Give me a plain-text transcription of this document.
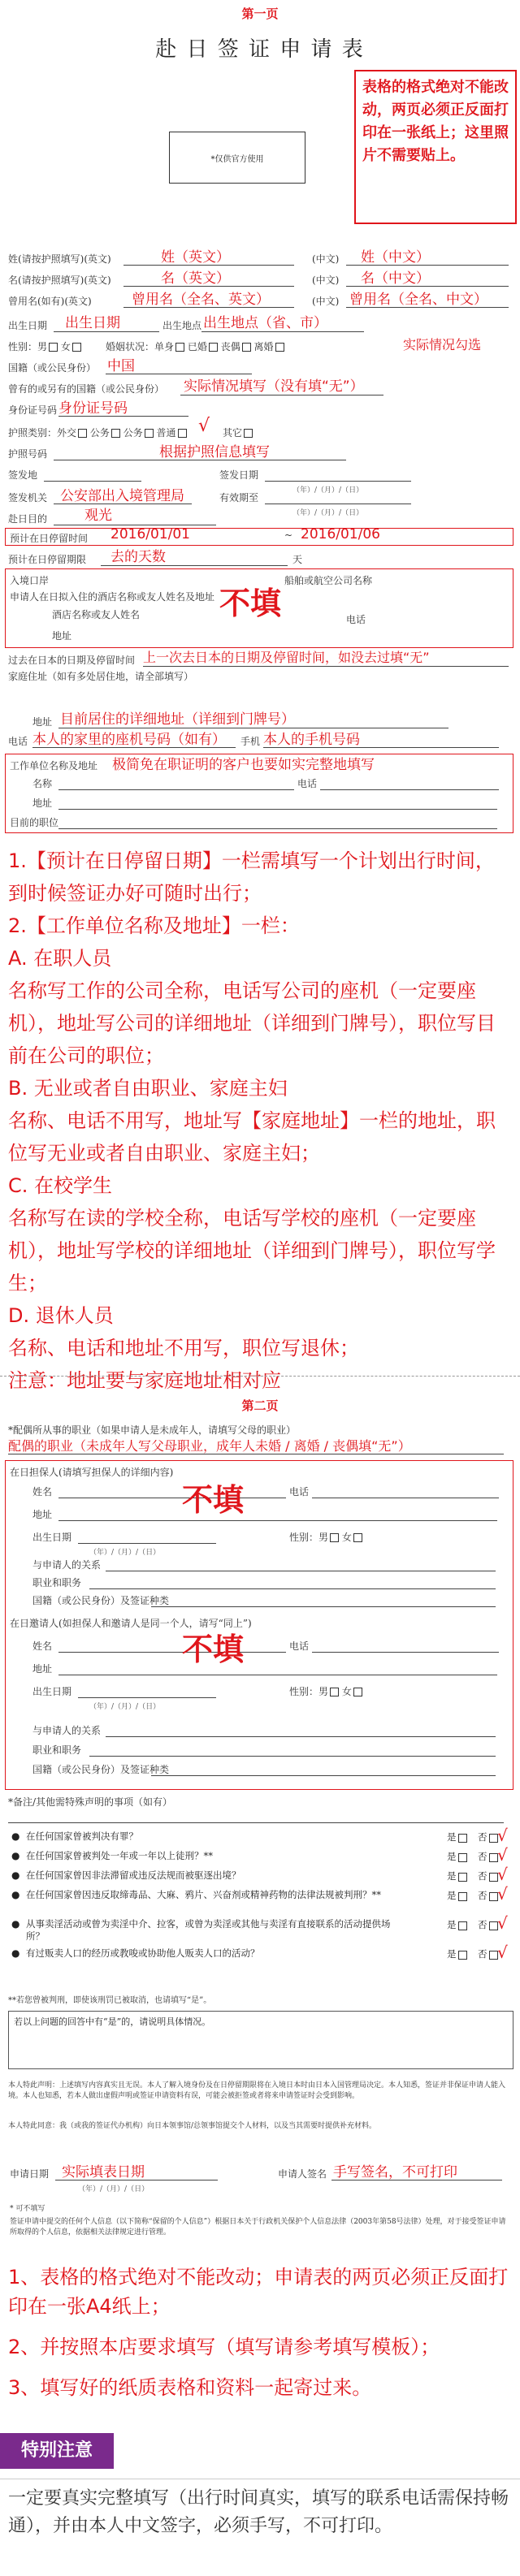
第一页
赴 日 签 证 申 请 表
*仅供官方使用
表格的格式绝对不能改动，两页必须正反面打印在一张纸上；这里照片不需要贴上。
姓(请按护照填写)(英文)	姓（英文）	(中文) 姓（中文）
名(请按护照填写)(英文)	名（英文）	(中文) 名（中文）
曾用名(如有)(英文)	曾用名（全名、英文）	(中文) 曾用名（全名、中文）
出生日期 出生日期	出生地点 出生地点（省、市）
性别：男 女	婚姻状况：单身 已婚 丧偶 离婚	实际情况勾选
国籍（或公民身份） 中国
曾有的或另有的国籍（或公民身份） 实际情况填写（没有填“无”）
身份证号码 身份证号码
护照类别：外交 公务 公务 普通	√ 其它
护照号码	根据护照信息填写
签发地	签发日期
（年）/（月）/（日）
签发机关 公安部出入境管理局	有效期至
（年）/（月）/（日）
赴日目的	观光
预计在日停留时间 2016/01/01	~ 2016/01/06
预计在日停留期限 去的天数	天
入境口岸	船舶或航空公司名称
申请人在日拟入住的酒店名称或友人姓名及地址
酒店名称或友人姓名	电话
地址
不填
过去在日本的日期及停留时间 上一次去日本的日期及停留时间，如没去过填“无”
家庭住址（如有多处居住地，请全部填写）
地址 目前居住的详细地址（详细到门牌号）
电话 本人的家里的座机号码（如有） 手机 本人的手机号码
工作单位名称及地址 极简免在职证明的客户也要如实完整地填写
名称	电话
地址
目前的职位
1.【预计在日停留日期】一栏需填写一个计划出行时间，到时候签证办好可随时出行；
2.【工作单位名称及地址】一栏：
A. 在职人员
名称写工作的公司全称，电话写公司的座机（一定要座机），地址写公司的详细地址（详细到门牌号），职位写目前在公司的职位；
B. 无业或者自由职业、家庭主妇
名称、电话不用写，地址写【家庭地址】一栏的地址，职位写无业或者自由职业、家庭主妇；
C. 在校学生
名称写在读的学校全称，电话写学校的座机（一定要座机），地址写学校的详细地址（详细到门牌号），职位写学生；
D. 退休人员
名称、电话和地址不用写，职位写退休；
注意：地址要与家庭地址相对应
第二页
*配偶所从事的职业（如果申请人是未成年人，请填写父母的职业）
配偶的职业（未成年人写父母职业，成年人未婚 / 离婚 / 丧偶填“无”）
在日担保人(请填写担保人的详细内容)
姓名	电话
地址
出生日期
（年）/（月）/（日）
性别：男 女
与申请人的关系
职业和职务
国籍（或公民身份）及签证种类
不填
在日邀请人(如担保人和邀请人是同一个人，请写“同上”)
姓名	电话
地址
出生日期
（年）/（月）/（日）
性别：男 女
与申请人的关系
职业和职务
国籍（或公民身份）及签证种类
不填
*备注/其他需特殊声明的事项（如有）
● 在任何国家曾被判决有罪？	是	否 √
● 在任何国家曾被判处一年或一年以上徒刑？**	是	否 √
● 在任何国家曾因非法滞留或违反法规而被驱逐出境？	是	否 √
● 在任何国家曾因违反取缔毒品、大麻、鸦片、兴奋剂或精神药物的法律法规被判刑？**	是	否 √
● 从事卖淫活动或曾为卖淫中介、拉客，或曾为卖淫或其他与卖淫有直接联系的活动提供场所？
是	否 √
● 有过贩卖人口的经历或教唆或协助他人贩卖人口的活动？	是	否 √
**若您曾被判刑，即使该刑罚已被取消，也请填写“是”。
若以上问题的回答中有“是”的，请说明具体情况。
本人特此声明：上述填写内容真实且无误。本人了解入境身份及在日停留期限将在入境日本时由日本入国管理局决定。本人知悉，签证并非保证申请人能入境。本人也知悉，若本人做出虚假声明或签证申请资料有误，可能会被拒签或者将来申请签证时会受到影响。
本人特此同意：我（或我的签证代办机构）向日本领事馆/总领事馆提交个人材料，以及当其需要时提供补充材料。
申请日期 实际填表日期
（年）/（月）/（日）
申请人签名 手写签名，不可打印
* 可不填写
签证申请中提交的任何个人信息（以下简称“保留的个人信息”）根据日本关于行政机关保护个人信息法律（2003年第58号法律）处理，对于接受签证申请所取得的个人信息，依据相关法律规定进行管理。
1、表格的格式绝对不能改动；申请表的两页必须正反面打印在一张A4纸上；
2、并按照本店要求填写（填写请参考填写模板）；
3、填写好的纸质表格和资料一起寄过来。
特别注意
一定要真实完整填写（出行时间真实，填写的联系电话需保持畅通），并由本人中文签字，必须手写，不可打印。
